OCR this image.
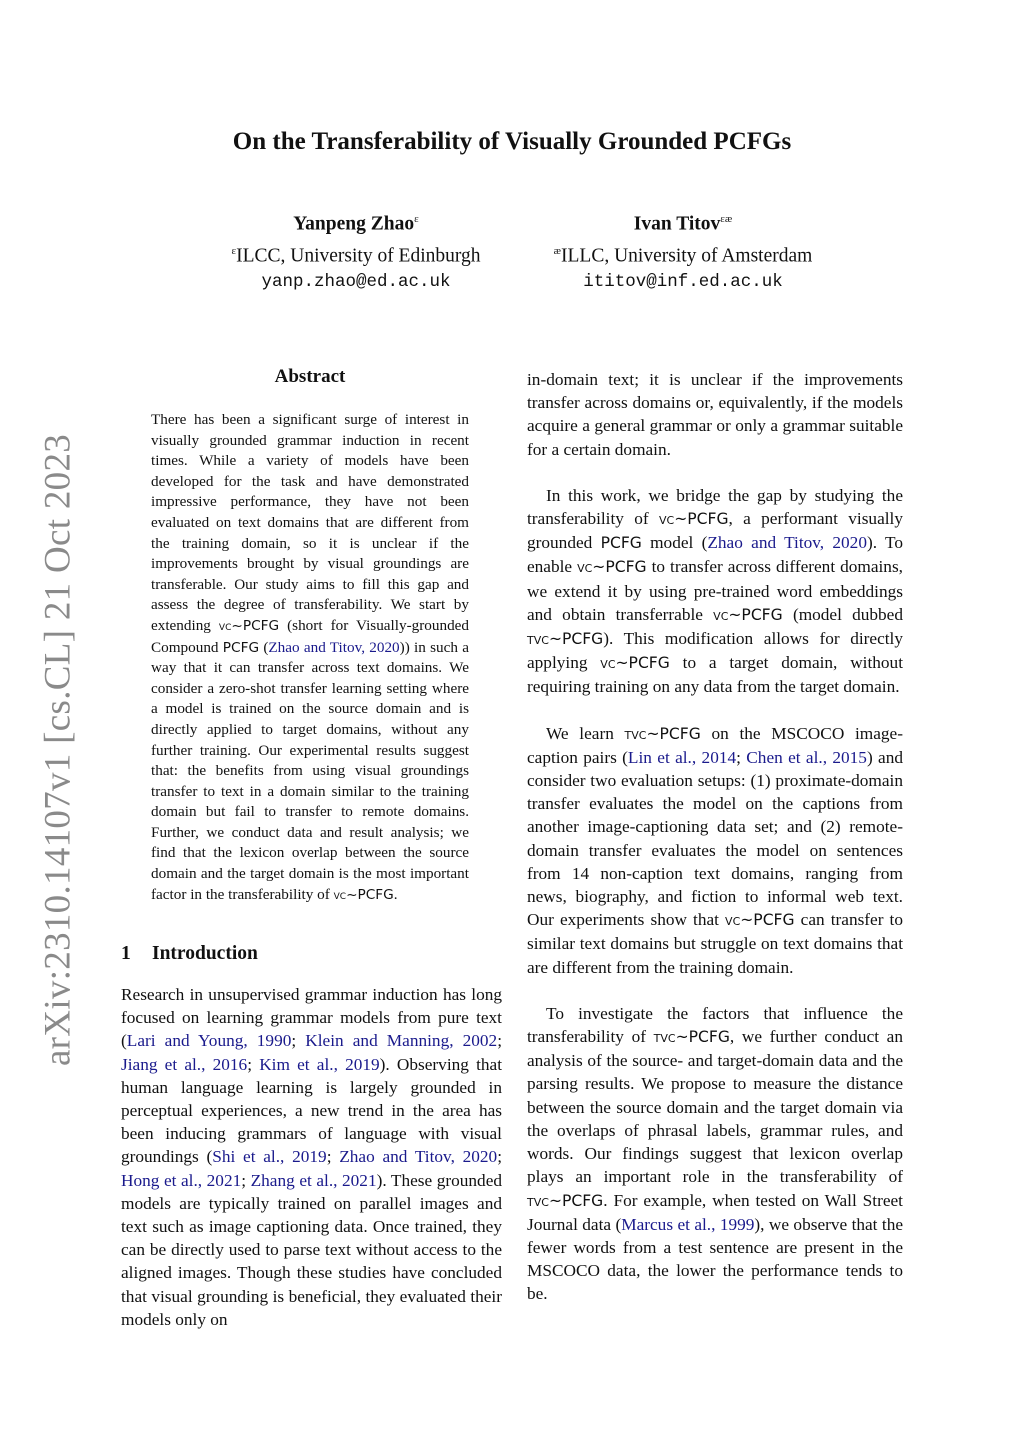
arXiv:2310.14107v1 [cs.CL] 21 Oct 2023
On the Transferability of Visually Grounded PCFGs
Yanpeng Zhao$^\varepsilon$
$^\varepsilon$ILCC, University of Edinburgh
yanp.zhao@ed.ac.uk
Ivan Titov$^{\varepsilon æ}$
$^æ$ILLC, University of Amsterdam
ititov@inf.ed.ac.uk
Abstract
There has been a significant surge of interest in visually grounded grammar induction in recent times. While a variety of models have been developed for the task and have demonstrated impressive performance, they have not been evaluated on text domains that are different from the training domain, so it is unclear if the improvements brought by visual groundings are transferable. Our study aims to fill this gap and assess the degree of transferability. We start by extending vc~PCFG (short for Visually-grounded Compound PCFG (Zhao and Titov, 2020)) in such a way that it can transfer across text domains. We consider a zero-shot transfer learning setting where a model is trained on the source domain and is directly applied to target domains, without any further training. Our experimental results suggest that: the benefits from using visual groundings transfer to text in a domain similar to the training domain but fail to transfer to remote domains. Further, we conduct data and result analysis; we find that the lexicon overlap between the source domain and the target domain is the most important factor in the transferability of vc~PCFG.
1 Introduction

Research in unsupervised grammar induction has long focused on learning grammar models from pure text (Lari and Young, 1990; Klein and Manning, 2002; Jiang et al., 2016; Kim et al., 2019). Observing that human language learning is largely grounded in perceptual experiences, a new trend in the area has been inducing grammars of language with visual groundings (Shi et al., 2019; Zhao and Titov, 2020; Hong et al., 2021; Zhang et al., 2021). These grounded models are typically trained on parallel images and text such as image captioning data. Once trained, they can be directly used to parse text without access to the aligned images. Though these studies have concluded that visual grounding is beneficial, they evaluated their models only on

in-domain text; it is unclear if the improvements transfer across domains or, equivalently, if the models acquire a general grammar or only a grammar suitable for a certain domain.

In this work, we bridge the gap by studying the transferability of vc~PCFG, a performant visually grounded PCFG model (Zhao and Titov, 2020). To enable vc~PCFG to transfer across different domains, we extend it by using pre-trained word embeddings and obtain transferrable vc~PCFG (model dubbed tvc~PCFG). This modification allows for directly applying vc~PCFG to a target domain, without requiring training on any data from the target domain.

We learn tvc~PCFG on the MSCOCO image-caption pairs (Lin et al., 2014; Chen et al., 2015) and consider two evaluation setups: (1) proximate-domain transfer evaluates the model on the captions from another image-captioning data set; and (2) remote-domain transfer evaluates the model on sentences from 14 non-caption text domains, ranging from news, biography, and fiction to informal web text. Our experiments show that vc~PCFG can transfer to similar text domains but struggle on text domains that are different from the training domain.

To investigate the factors that influence the transferability of tvc~PCFG, we further conduct an analysis of the source- and target-domain data and the parsing results. We propose to measure the distance between the source domain and the target domain via the overlaps of phrasal labels, grammar rules, and words. Our findings suggest that lexicon overlap plays an important role in the transferability of tvc~PCFG. For example, when tested on Wall Street Journal data (Marcus et al., 1999), we observe that the fewer words from a test sentence are present in the MSCOCO data, the lower the performance tends to be.
